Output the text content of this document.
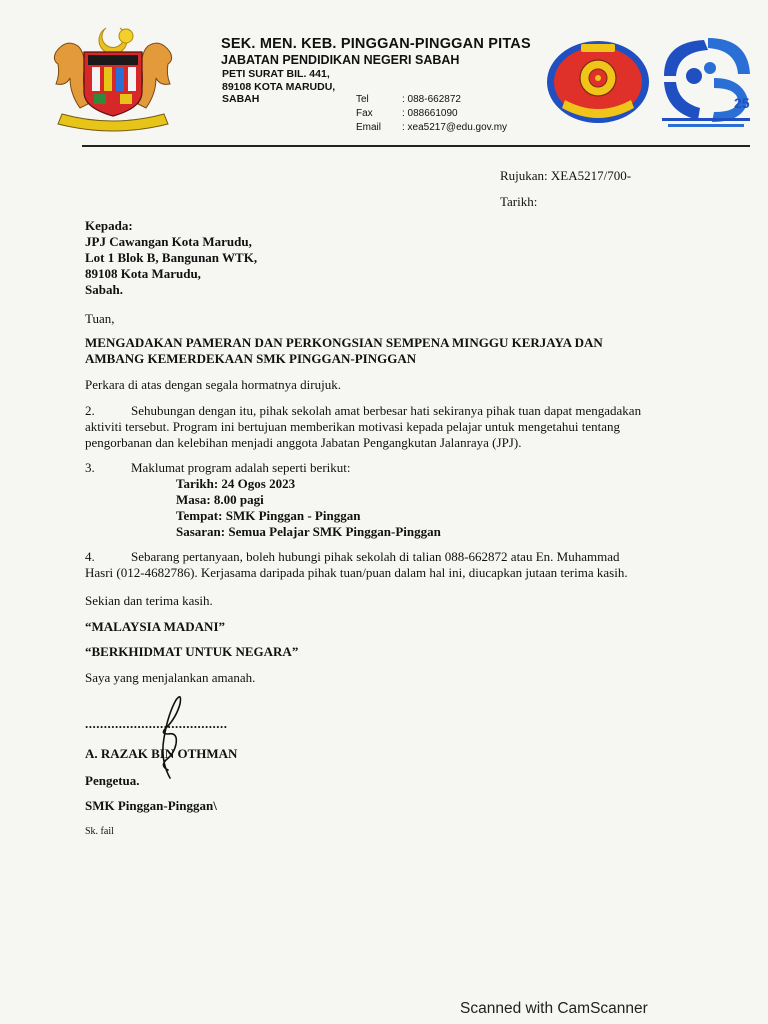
SEK. MEN. KEB. PINGGAN-PINGGAN PITAS
JABATAN PENDIDIKAN NEGERI SABAH
PETI SURAT BIL. 441,
89108 KOTA MARUDU,
SABAH	Tel	: 088-662872
Fax	: 088661090
Email	: xea5217@edu.gov.my
25
Rujukan: XEA5217/700-
Tarikh:
Kepada:
JPJ Cawangan Kota Marudu,
Lot 1 Blok B, Bangunan WTK,
89108 Kota Marudu,
Sabah.
Tuan,
MENGADAKAN PAMERAN DAN PERKONGSIAN SEMPENA MINGGU KERJAYA DAN
AMBANG KEMERDEKAAN SMK PINGGAN-PINGGAN
Perkara di atas dengan segala hormatnya dirujuk.
2.	Sehubungan dengan itu, pihak sekolah amat berbesar hati sekiranya pihak tuan dapat mengadakan
aktiviti tersebut. Program ini bertujuan memberikan motivasi kepada pelajar untuk mengetahui tentang
pengorbanan dan kelebihan menjadi anggota Jabatan Pengangkutan Jalanraya (JPJ).
3.	Maklumat program adalah seperti berikut:
Tarikh: 24 Ogos 2023
Masa: 8.00 pagi
Tempat: SMK Pinggan - Pinggan
Sasaran: Semua Pelajar SMK Pinggan-Pinggan
4.	Sebarang pertanyaan, boleh hubungi pihak sekolah di talian 088-662872 atau En. Muhammad
Hasri (012-4682786). Kerjasama daripada pihak tuan/puan dalam hal ini, diucapkan jutaan terima kasih.
Sekian dan terima kasih.
“MALAYSIA MADANI”
“BERKHIDMAT UNTUK NEGARA”
Saya yang menjalankan amanah.
......................................
A. RAZAK BIN OTHMAN
Pengetua.
SMK Pinggan-Pinggan\
Sk. fail
Scanned with CamScanner
